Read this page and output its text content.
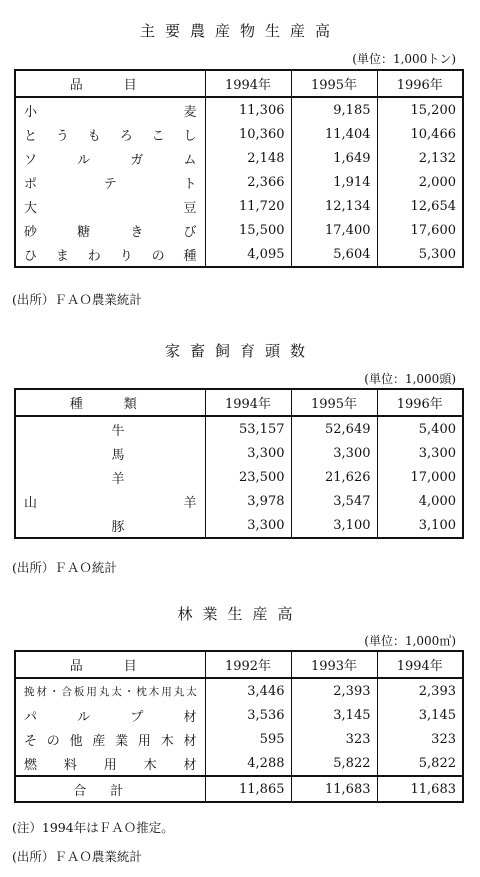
主要農産物生産高
(単位：1,000トン)
品　目	1994年	1995年	1996年
小麦	11,306	9,185	15,200
とうもろこし	10,360	11,404	10,466
ソルガム	2,148	1,649	2,132
ポテト	2,366	1,914	2,000
大豆	11,720	12,134	12,654
砂糖きび	15,500	17,400	17,600
ひまわりの種	4,095	5,604	5,300
(出所）ＦＡＯ農業統計
家畜飼育頭数
(単位：1,000頭)
種　類	1994年	1995年	1996年
牛	53,157	52,649	5,400
馬	3,300	3,300	3,300
羊	23,500	21,626	17,000
山羊	3,978	3,547	4,000
豚	3,300	3,100	3,100
(出所）ＦＡＯ統計
林業生産高
(単位：1,000㎥)
品　目	1992年	1993年	1994年
挽材・合板用丸太・枕木用丸太	3,446	2,393	2,393
パルプ材	3,536	3,145	3,145
その他産業用木材	595	323	323
燃料用木材	4,288	5,822	5,822
合計	11,865	11,683	11,683
(注）1994年はＦＡＯ推定。
(出所）ＦＡＯ農業統計
